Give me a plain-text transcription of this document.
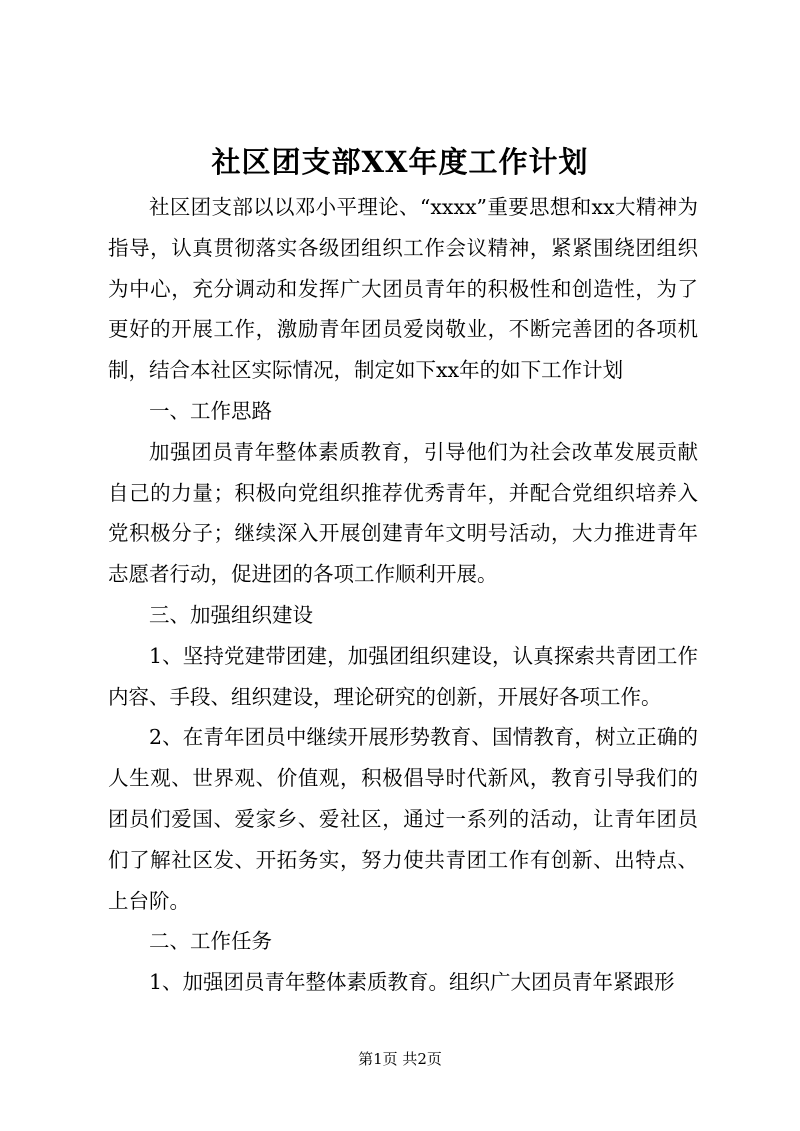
社区团支部XX年度工作计划

社区团支部以以邓小平理论、“xxxx”重要思想和xx大精神为指导，认真贯彻落实各级团组织工作会议精神，紧紧围绕团组织为中心，充分调动和发挥广大团员青年的积极性和创造性，为了更好的开展工作，激励青年团员爱岗敬业，不断完善团的各项机制，结合本社区实际情况，制定如下xx年的如下工作计划

一、工作思路

加强团员青年整体素质教育，引导他们为社会改革发展贡献自己的力量；积极向党组织推荐优秀青年，并配合党组织培养入党积极分子；继续深入开展创建青年文明号活动，大力推进青年志愿者行动，促进团的各项工作顺利开展。

三、加强组织建设

1、坚持党建带团建，加强团组织建设，认真探索共青团工作内容、手段、组织建设，理论研究的创新，开展好各项工作。

2、在青年团员中继续开展形势教育、国情教育，树立正确的人生观、世界观、价值观，积极倡导时代新风，教育引导我们的团员们爱国、爱家乡、爱社区，通过一系列的活动，让青年团员们了解社区发、开拓务实，努力使共青团工作有创新、出特点、上台阶。

二、工作任务

1、加强团员青年整体素质教育。组织广大团员青年紧跟形

第1页 共2页
